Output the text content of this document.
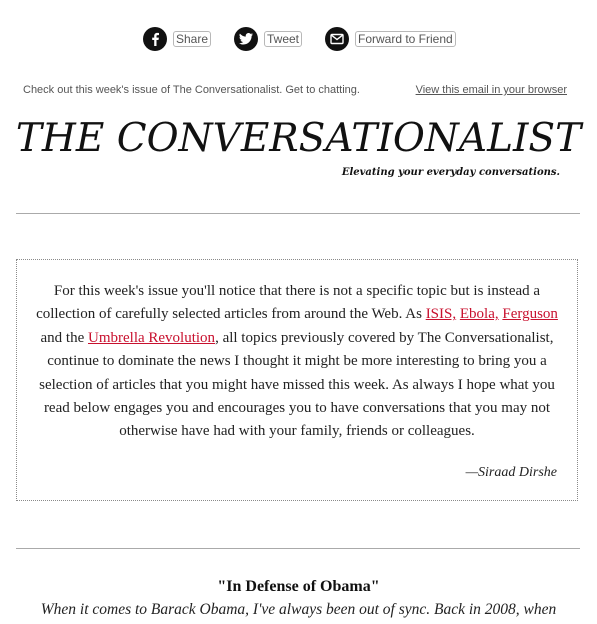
Share	Tweet	Forward to Friend
Check out this week's issue of The Conversationalist. Get to chatting.	View this email in your browser
THE CONVERSATIONALIST
Elevating your everyday conversations.
For this week's issue you'll notice that there is not a specific topic but is instead a collection of carefully selected articles from around the Web. As ISIS, Ebola, Ferguson and the Umbrella Revolution, all topics previously covered by The Conversationalist, continue to dominate the news I thought it might be more interesting to bring you a selection of articles that you might have missed this week. As always I hope what you read below engages you and encourages you to have conversations that you may not otherwise have had with your family, friends or colleagues.
—Siraad Dirshe
"In Defense of Obama"
When it comes to Barack Obama, I've always been out of sync. Back in 2008, when
